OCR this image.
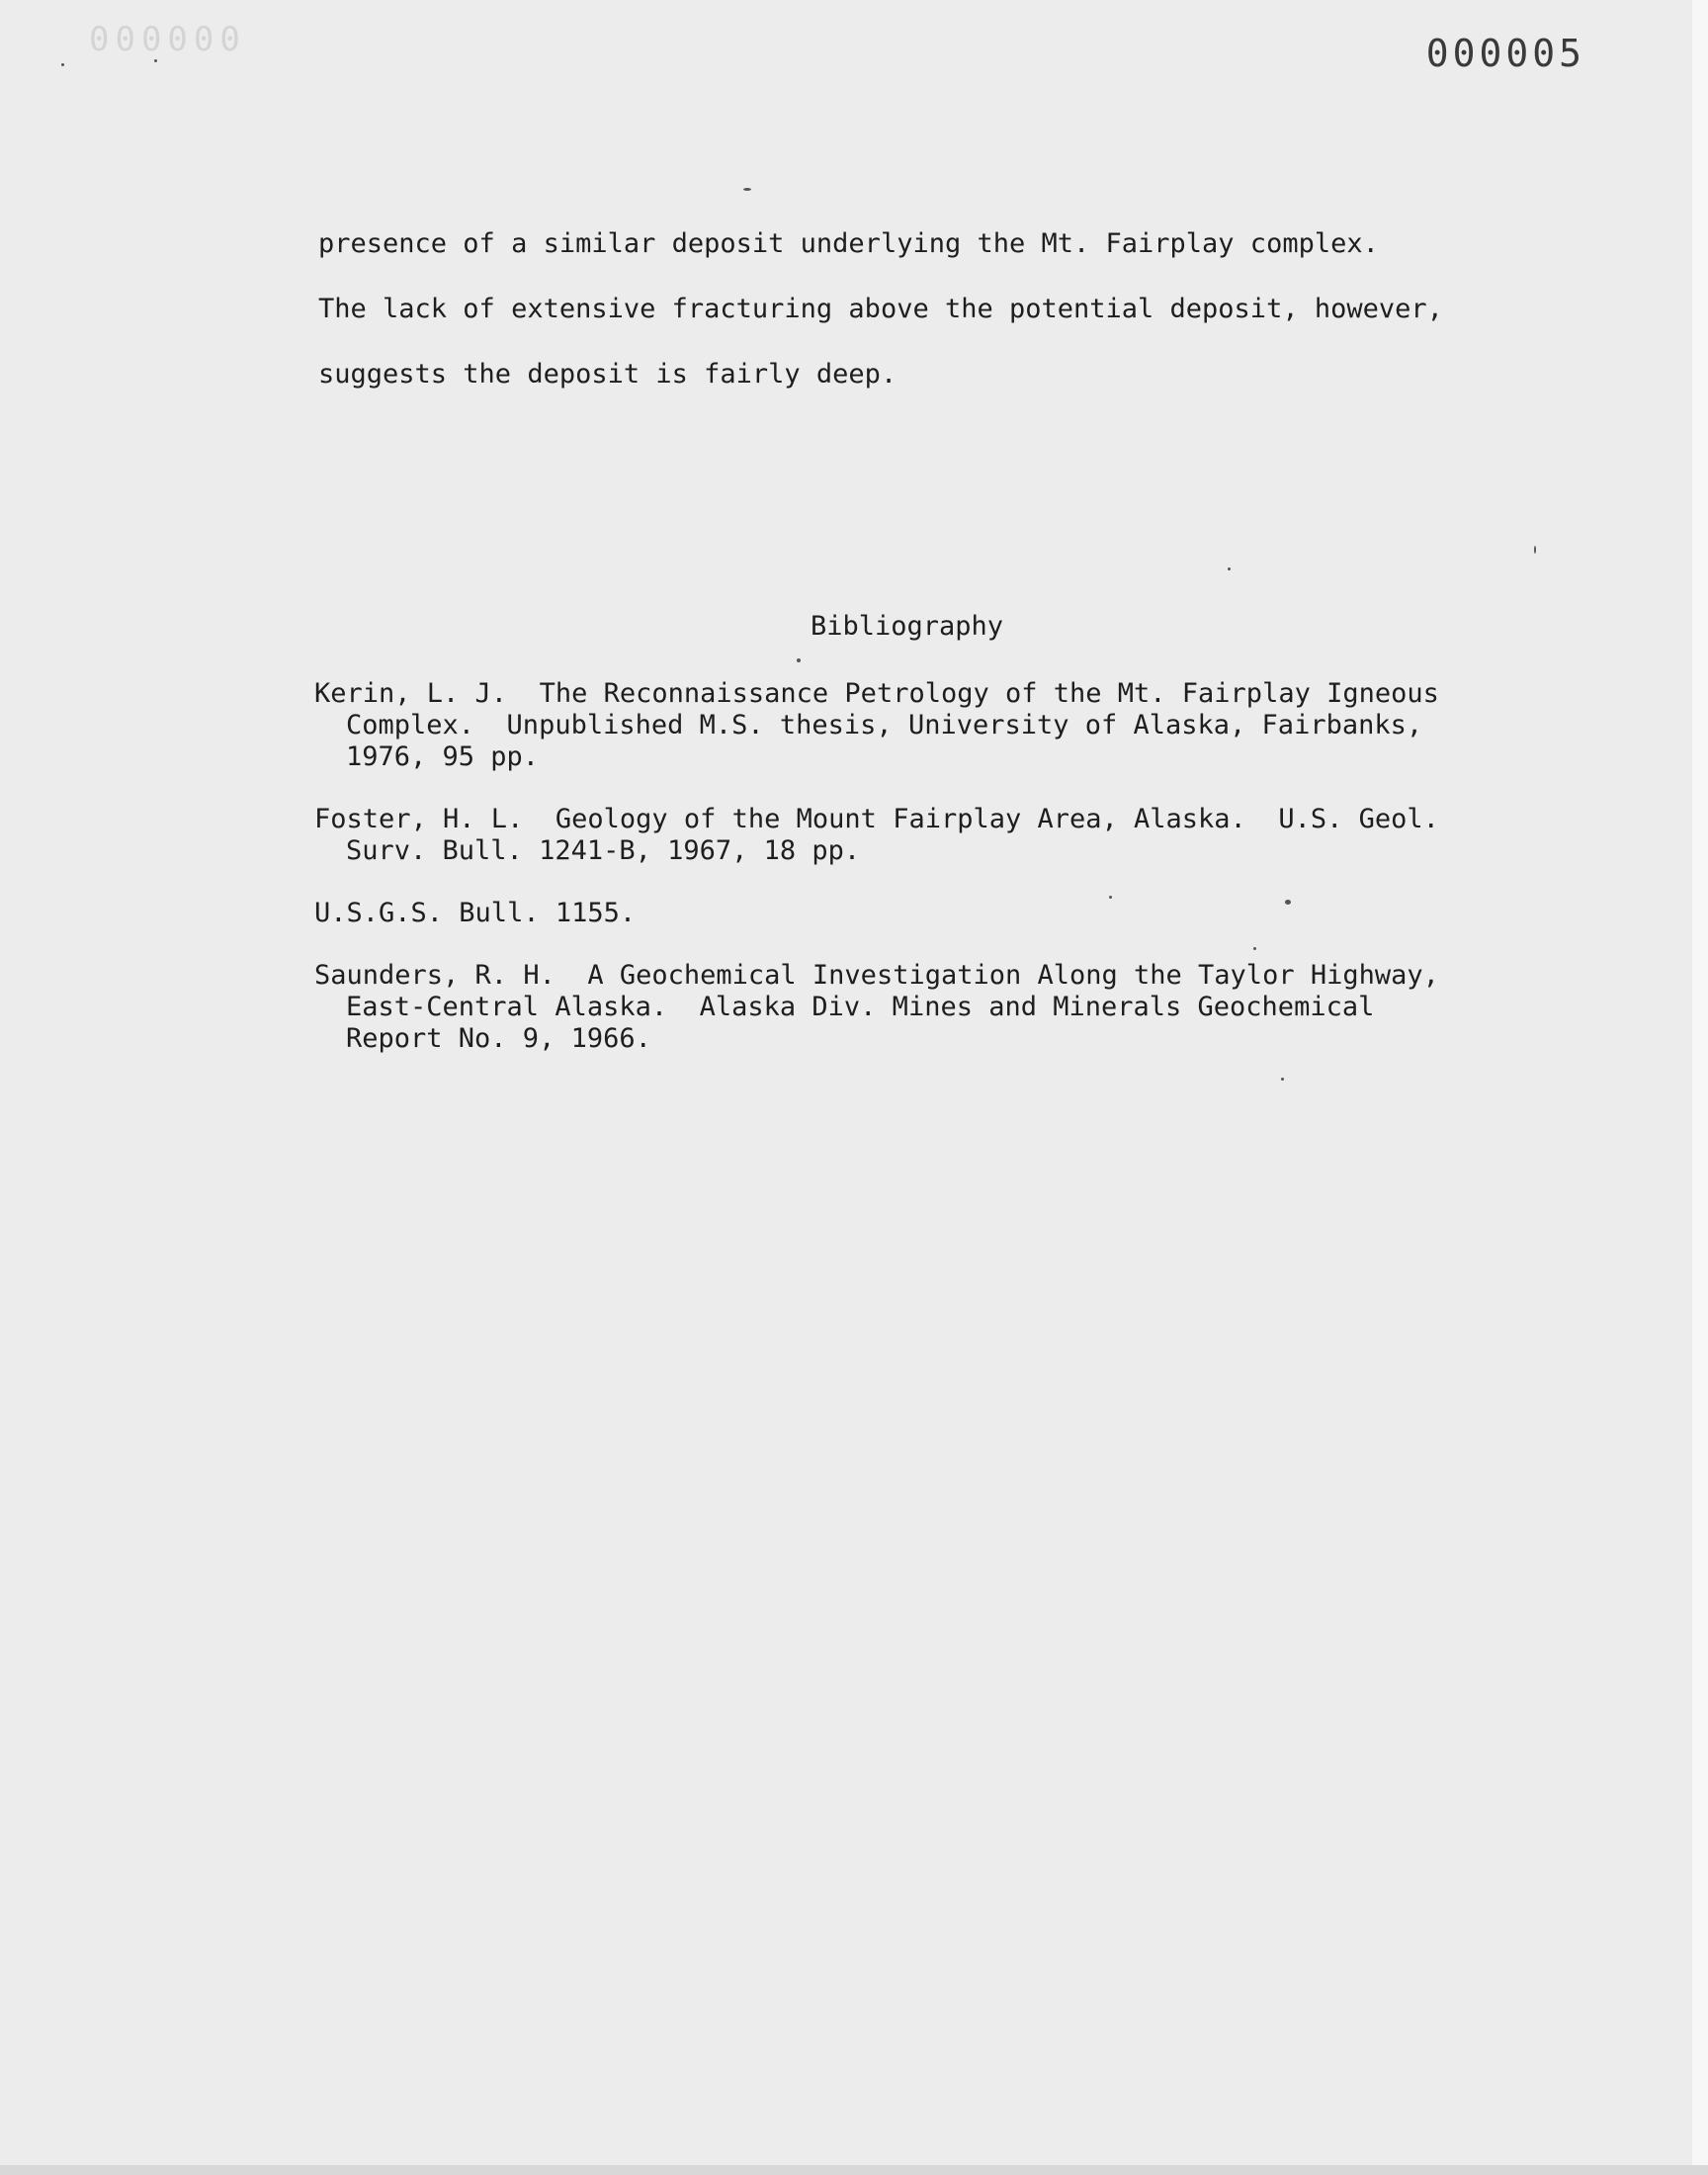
000000	000005
presence of a similar deposit underlying the Mt. Fairplay complex.
The lack of extensive fracturing above the potential deposit, however,
suggests the deposit is fairly deep.
Bibliography
Kerin, L. J.  The Reconnaissance Petrology of the Mt. Fairplay Igneous
Complex.  Unpublished M.S. thesis, University of Alaska, Fairbanks,
1976, 95 pp.
Foster, H. L.  Geology of the Mount Fairplay Area, Alaska.  U.S. Geol.
Surv. Bull. 1241-B, 1967, 18 pp.
U.S.G.S. Bull. 1155.
Saunders, R. H.  A Geochemical Investigation Along the Taylor Highway,
East-Central Alaska.  Alaska Div. Mines and Minerals Geochemical
Report No. 9, 1966.
